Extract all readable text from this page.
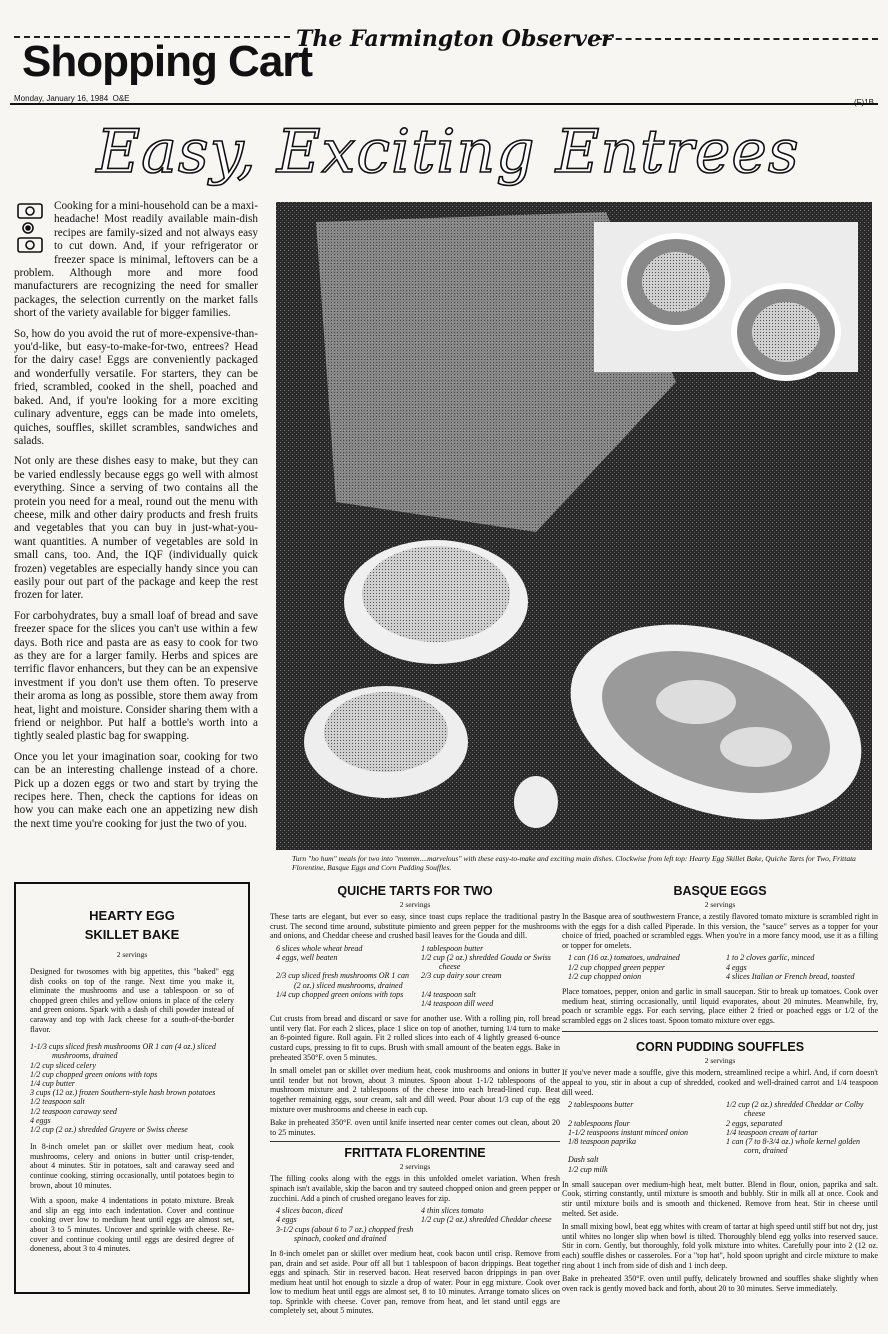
The Farmington Observer
Shopping Cart
Monday, January 16, 1984 O&E	(F)1B
Easy, Exciting Entrees

Cooking for a mini-household can be a maxi-headache! Most readily available main-dish recipes are family-sized and not always easy to cut down. And, if your refrigerator or freezer space is minimal, leftovers can be a problem. Although more and more food manufacturers are recognizing the need for smaller packages, the selection currently on the market falls short of the variety available for bigger families.

So, how do you avoid the rut of more-expensive-than-you'd-like, but easy-to-make-for-two, entrees? Head for the dairy case! Eggs are conveniently packaged and wonderfully versatile. For starters, they can be fried, scrambled, cooked in the shell, poached and baked. And, if you're looking for a more exciting culinary adventure, eggs can be made into omelets, quiches, souffles, skillet scrambles, sandwiches and salads.

Not only are these dishes easy to make, but they can be varied endlessly because eggs go well with almost everything. Since a serving of two contains all the protein you need for a meal, round out the menu with cheese, milk and other dairy products and fresh fruits and vegetables that you can buy in just-what-you-want quantities. A number of vegetables are sold in small cans, too. And, the IQF (individually quick frozen) vegetables are especially handy since you can easily pour out part of the package and keep the rest frozen for later.

For carbohydrates, buy a small loaf of bread and save freezer space for the slices you can't use within a few days. Both rice and pasta are as easy to cook for two as they are for a larger family. Herbs and spices are terrific flavor enhancers, but they can be an expensive investment if you don't use them often. To preserve their aroma as long as possible, store them away from heat, light and moisture. Consider sharing them with a friend or neighbor. Put half a bottle's worth into a tightly sealed plastic bag for swapping.

Once you let your imagination soar, cooking for two can be an interesting challenge instead of a chore. Pick up a dozen eggs or two and start by trying the recipes here. Then, check the captions for ideas on how you can make each one an appetizing new dish the next time you're cooking for just the two of you.

Turn "ho hum" meals for two into "mmmm....marvelous" with these easy-to-make and exciting main dishes. Clockwise from left top: Hearty Egg Skillet Bake, Quiche Tarts for Two, Frittata Florentine, Basque Eggs and Corn Pudding Souffles.
HEARTY EGG
SKILLET BAKE
2 servings
Designed for twosomes with big appetites, this "baked" egg dish cooks on top of the range. Next time you make it, eliminate the mushrooms and use a tablespoon or so of chopped green chiles and yellow onions in place of the celery and green onions. Spark with a dash of chili powder instead of caraway and top with Jack cheese for a south-of-the-border flavor.
1-1/3 cups sliced fresh mushrooms OR 1 can (4 oz.) sliced mushrooms, drained
1/2 cup sliced celery
1/2 cup chopped green onions with tops
1/4 cup butter
3 cups (12 oz.) frozen Southern-style hash brown potatoes
1/2 teaspoon salt
1/2 teaspoon caraway seed
4 eggs
1/2 cup (2 oz.) shredded Gruyere or Swiss cheese

In 8-inch omelet pan or skillet over medium heat, cook mushrooms, celery and onions in butter until crisp-tender, about 4 minutes. Stir in potatoes, salt and caraway seed and continue cooking, stirring occasionally, until potatoes begin to brown, about 10 minutes.

With a spoon, make 4 indentations in potato mixture. Break and slip an egg into each indentation. Cover and continue cooking over low to medium heat until eggs are almost set, about 3 to 5 minutes. Uncover and sprinkle with cheese. Re-cover and continue cooking until eggs are desired degree of doneness, about 3 to 4 minutes.

QUICHE TARTS FOR TWO
2 servings
These tarts are elegant, but ever so easy, since toast cups replace the traditional pastry crust. The second time around, substitute pimiento and green pepper for the mushrooms and onions, and Cheddar cheese and crushed basil leaves for the Gouda and dill.
6 slices whole wheat bread	1 tablespoon butter
4 eggs, well beaten	1/2 cup (2 oz.) shredded Gouda or Swiss cheese
2/3 cup sliced fresh mushrooms OR 1 can (2 oz.) sliced mushrooms, drained
2/3 cup dairy sour cream
1/4 cup chopped green onions with tops	1/4 teaspoon salt
1/4 teaspoon dill weed

Cut crusts from bread and discard or save for another use. With a rolling pin, roll bread until very flat. For each 2 slices, place 1 slice on top of another, turning 1/4 turn to make an 8-pointed figure. Roll again. Fit 2 rolled slices into each of 4 lightly greased 6-ounce custard cups, pressing to fit to cups. Brush with small amount of the beaten eggs. Bake in preheated 350°F. oven 5 minutes.

In small omelet pan or skillet over medium heat, cook mushrooms and onions in butter until tender but not brown, about 3 minutes. Spoon about 1-1/2 tablespoons of the mushroom mixture and 2 tablespoons of the cheese into each bread-lined cup. Beat together remaining eggs, sour cream, salt and dill weed. Pour about 1/3 cup of the egg mixture over mushrooms and cheese in each cup.

Bake in preheated 350°F. oven until knife inserted near center comes out clean, about 20 to 25 minutes.

FRITTATA FLORENTINE
2 servings
The filling cooks along with the eggs in this unfolded omelet variation. When fresh spinach isn't available, skip the bacon and try sauteed chopped onion and green pepper or zucchini. Add a pinch of crushed oregano leaves for zip.
4 slices bacon, diced	4 thin slices tomato
4 eggs	1/2 cup (2 oz.) shredded Cheddar cheese
3-1/2 cups (about 6 to 7 oz.) chopped fresh spinach, cooked and drained

In 8-inch omelet pan or skillet over medium heat, cook bacon until crisp. Remove from pan, drain and set aside. Pour off all but 1 tablespoon of bacon drippings. Beat together eggs and spinach. Stir in reserved bacon. Heat reserved bacon drippings in pan over medium heat until hot enough to sizzle a drop of water. Pour in egg mixture. Cook over low to medium heat until eggs are almost set, 8 to 10 minutes. Arrange tomato slices on top. Sprinkle with cheese. Cover pan, remove from heat, and let stand until eggs are completely set, about 5 minutes.

BASQUE EGGS
2 servings
In the Basque area of southwestern France, a zestily flavored tomato mixture is scrambled right in with the eggs for a dish called Piperade. In this version, the "sauce" serves as a topper for your choice of fried, poached or scrambled eggs. When you're in a more fancy mood, use it as a filling or topper for omelets.
1 can (16 oz.) tomatoes, undrained	1 to 2 cloves garlic, minced
1/2 cup chopped green pepper	4 eggs
1/2 cup chopped onion	4 slices Italian or French bread, toasted

Place tomatoes, pepper, onion and garlic in small saucepan. Stir to break up tomatoes. Cook over medium heat, stirring occasionally, until liquid evaporates, about 20 minutes. Meanwhile, fry, poach or scramble eggs. For each serving, place either 2 fried or poached eggs or 1/2 of the scrambled eggs on 2 slices toast. Spoon tomato mixture over eggs.

CORN PUDDING SOUFFLES
2 servings
If you've never made a souffle, give this modern, streamlined recipe a whirl. And, if corn doesn't appeal to you, stir in about a cup of shredded, cooked and well-drained carrot and 1/4 teaspoon dill weed.
2 tablespoons butter	1/2 cup (2 oz.) shredded Cheddar or Colby cheese
2 tablespoons flour	2 eggs, separated
1-1/2 teaspoons instant minced onion	1/4 teaspoon cream of tartar
1/8 teaspoon paprika	1 can (7 to 8-3/4 oz.) whole kernel golden corn, drained
Dash salt
1/2 cup milk

In small saucepan over medium-high heat, melt butter. Blend in flour, onion, paprika and salt. Cook, stirring constantly, until mixture is smooth and bubbly. Stir in milk all at once. Cook and stir until mixture boils and is smooth and thickened. Remove from heat. Stir in cheese until melted. Set aside.

In small mixing bowl, beat egg whites with cream of tartar at high speed until stiff but not dry, just until whites no longer slip when bowl is tilted. Thoroughly blend egg yolks into reserved sauce. Stir in corn. Gently, but thoroughly, fold yolk mixture into whites. Carefully pour into 2 (12 oz. each) souffle dishes or casseroles. For a "top hat", hold spoon upright and circle mixture to make ring about 1 inch from side of dish and 1 inch deep.

Bake in preheated 350°F. oven until puffy, delicately browned and souffles shake slightly when oven rack is gently moved back and forth, about 20 to 30 minutes. Serve immediately.
